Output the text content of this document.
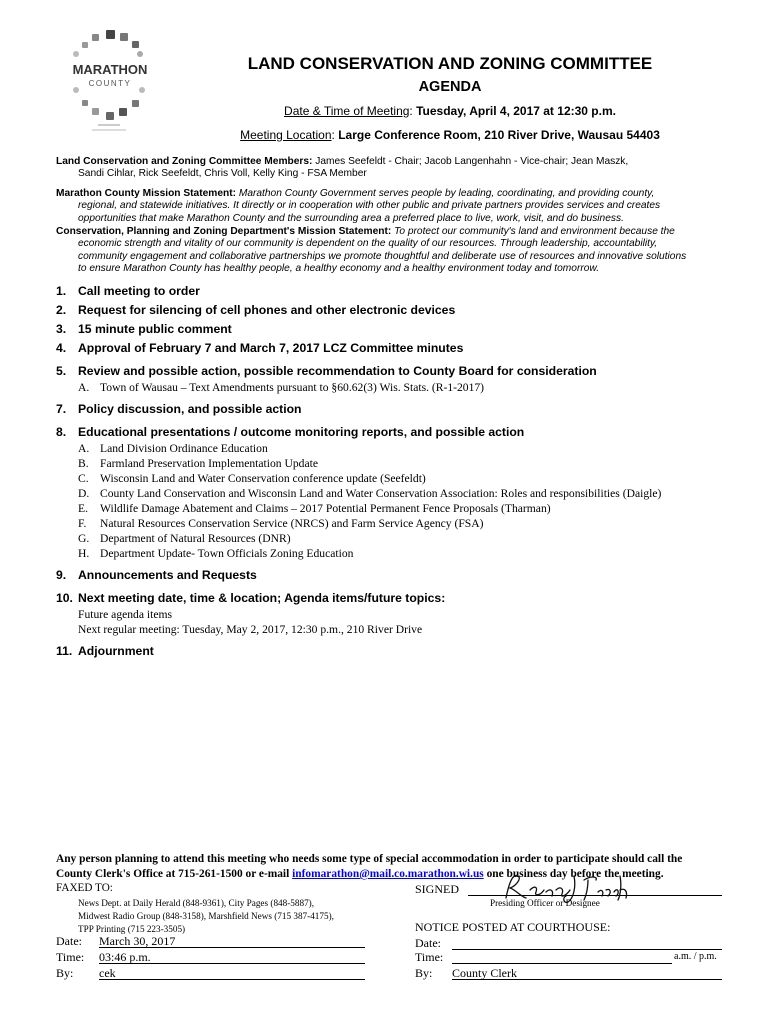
MARATHON
COUNTY
LAND CONSERVATION AND ZONING COMMITTEE
AGENDA
Date & Time of Meeting: Tuesday, April 4, 2017 at 12:30 p.m.
Meeting Location: Large Conference Room, 210 River Drive, Wausau 54403
Land Conservation and Zoning Committee Members: James Seefeldt - Chair; Jacob Langenhahn - Vice-chair; Jean Maszk,
Sandi Cihlar, Rick Seefeldt, Chris Voll, Kelly King - FSA Member
Marathon County Mission Statement: Marathon County Government serves people by leading, coordinating, and providing county,
regional, and statewide initiatives. It directly or in cooperation with other public and private partners provides services and creates
opportunities that make Marathon County and the surrounding area a preferred place to live, work, visit, and do business.
Conservation, Planning and Zoning Department's Mission Statement: To protect our community's land and environment because the
economic strength and vitality of our community is dependent on the quality of our resources. Through leadership, accountability,
community engagement and collaborative partnerships we promote thoughtful and deliberate use of resources and innovative solutions
to ensure Marathon County has healthy people, a healthy economy and a healthy environment today and tomorrow.
1. Call meeting to order
2. Request for silencing of cell phones and other electronic devices
3. 15 minute public comment
4. Approval of February 7 and March 7, 2017 LCZ Committee minutes
5. Review and possible action, possible recommendation to County Board for consideration
A. Town of Wausau – Text Amendments pursuant to §60.62(3) Wis. Stats. (R-1-2017)
7. Policy discussion, and possible action
8. Educational presentations / outcome monitoring reports, and possible action
A. Land Division Ordinance Education
B. Farmland Preservation Implementation Update
C. Wisconsin Land and Water Conservation conference update (Seefeldt)
D. County Land Conservation and Wisconsin Land and Water Conservation Association: Roles and responsibilities (Daigle)
E.	Wildlife Damage Abatement and Claims – 2017 Potential Permanent Fence Proposals (Tharman)
F.	Natural Resources Conservation Service (NRCS) and Farm Service Agency (FSA)
G. Department of Natural Resources (DNR)
H. Department Update- Town Officials Zoning Education
9. Announcements and Requests
10. Next meeting date, time & location; Agenda items/future topics:
Future agenda items
Next regular meeting: Tuesday, May 2, 2017, 12:30 p.m., 210 River Drive
11. Adjournment
Any person planning to attend this meeting who needs some type of special accommodation in order to participate should call the
County Clerk's Office at 715-261-1500 or e-mail infomarathon@mail.co.marathon.wi.us one business day before the meeting.
FAXED TO:
News Dept. at Daily Herald (848-9361), City Pages (848-5887),
Midwest Radio Group (848-3158), Marshfield News (715 387-4175),
TPP Printing (715 223-3505)
SIGNED
Presiding Officer or Designee
Date: March 30, 2017
Time: 03:46 p.m.
By: cek
NOTICE POSTED AT COURTHOUSE:
Date:
Time:	a.m. / p.m.
By: County Clerk
